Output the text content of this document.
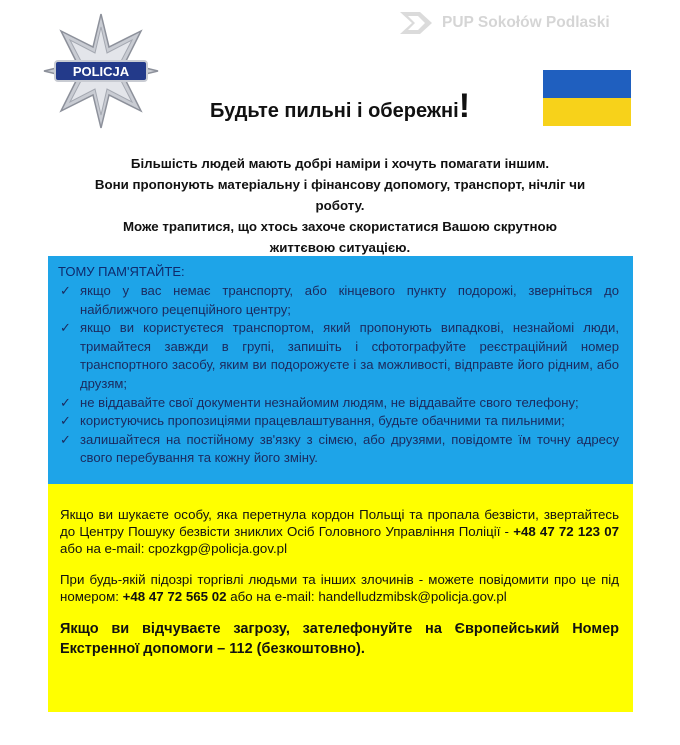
POLICJA
PUP Sokołów Podlaski
Будьте пильні і обережні!
Більшість людей мають добрі наміри і хочуть помагати іншим.
Вони пропонують матеріальну і фінансову допомогу, транспорт, нічліг чи роботу.
Може трапитися, що хтось захоче скористатися Вашою скрутною життєвою ситуацією.
ТОМУ ПАМ'ЯТАЙТЕ:
✓ якщо у вас немає транспорту, або кінцевого пункту подорожі, зверніться до найближчого рецепційного центру;
✓ якщо ви користуєтеся транспортом, який пропонують випадкові, незнайомі люди, тримайтеся завжди в групі, запишіть і сфотографуйте реєстраційний номер транспортного засобу, яким ви подорожуєте і за можливості, відправте його рідним, або друзям;
✓ не віддавайте свої документи незнайомим людям, не віддавайте свого телефону;
✓ користуючись пропозиціями працевлаштування, будьте обачними та пильними;
✓ залишайтеся на постійному зв'язку з сімєю, або друзями, повідомте їм точну адресу свого перебування та кожну його зміну.

Якщо ви шукаєте особу, яка перетнула кордон Польщі та пропала безвісти, звертайтесь до Центру Пошуку безвісти зниклих Осіб Головного Управління Поліції - +48 47 72 123 07 або на e-mail: cpozkgp@policja.gov.pl

При будь-якій підозрі торгівлі людьми та інших злочинів - можете повідомити про це під номером: +48 47 72 565 02 або на e-mail: handelludzmibsk@policja.gov.pl

Якщо ви відчуваєте загрозу, зателефонуйте на Європейський Номер Екстренної допомоги – 112 (безкоштовно).
